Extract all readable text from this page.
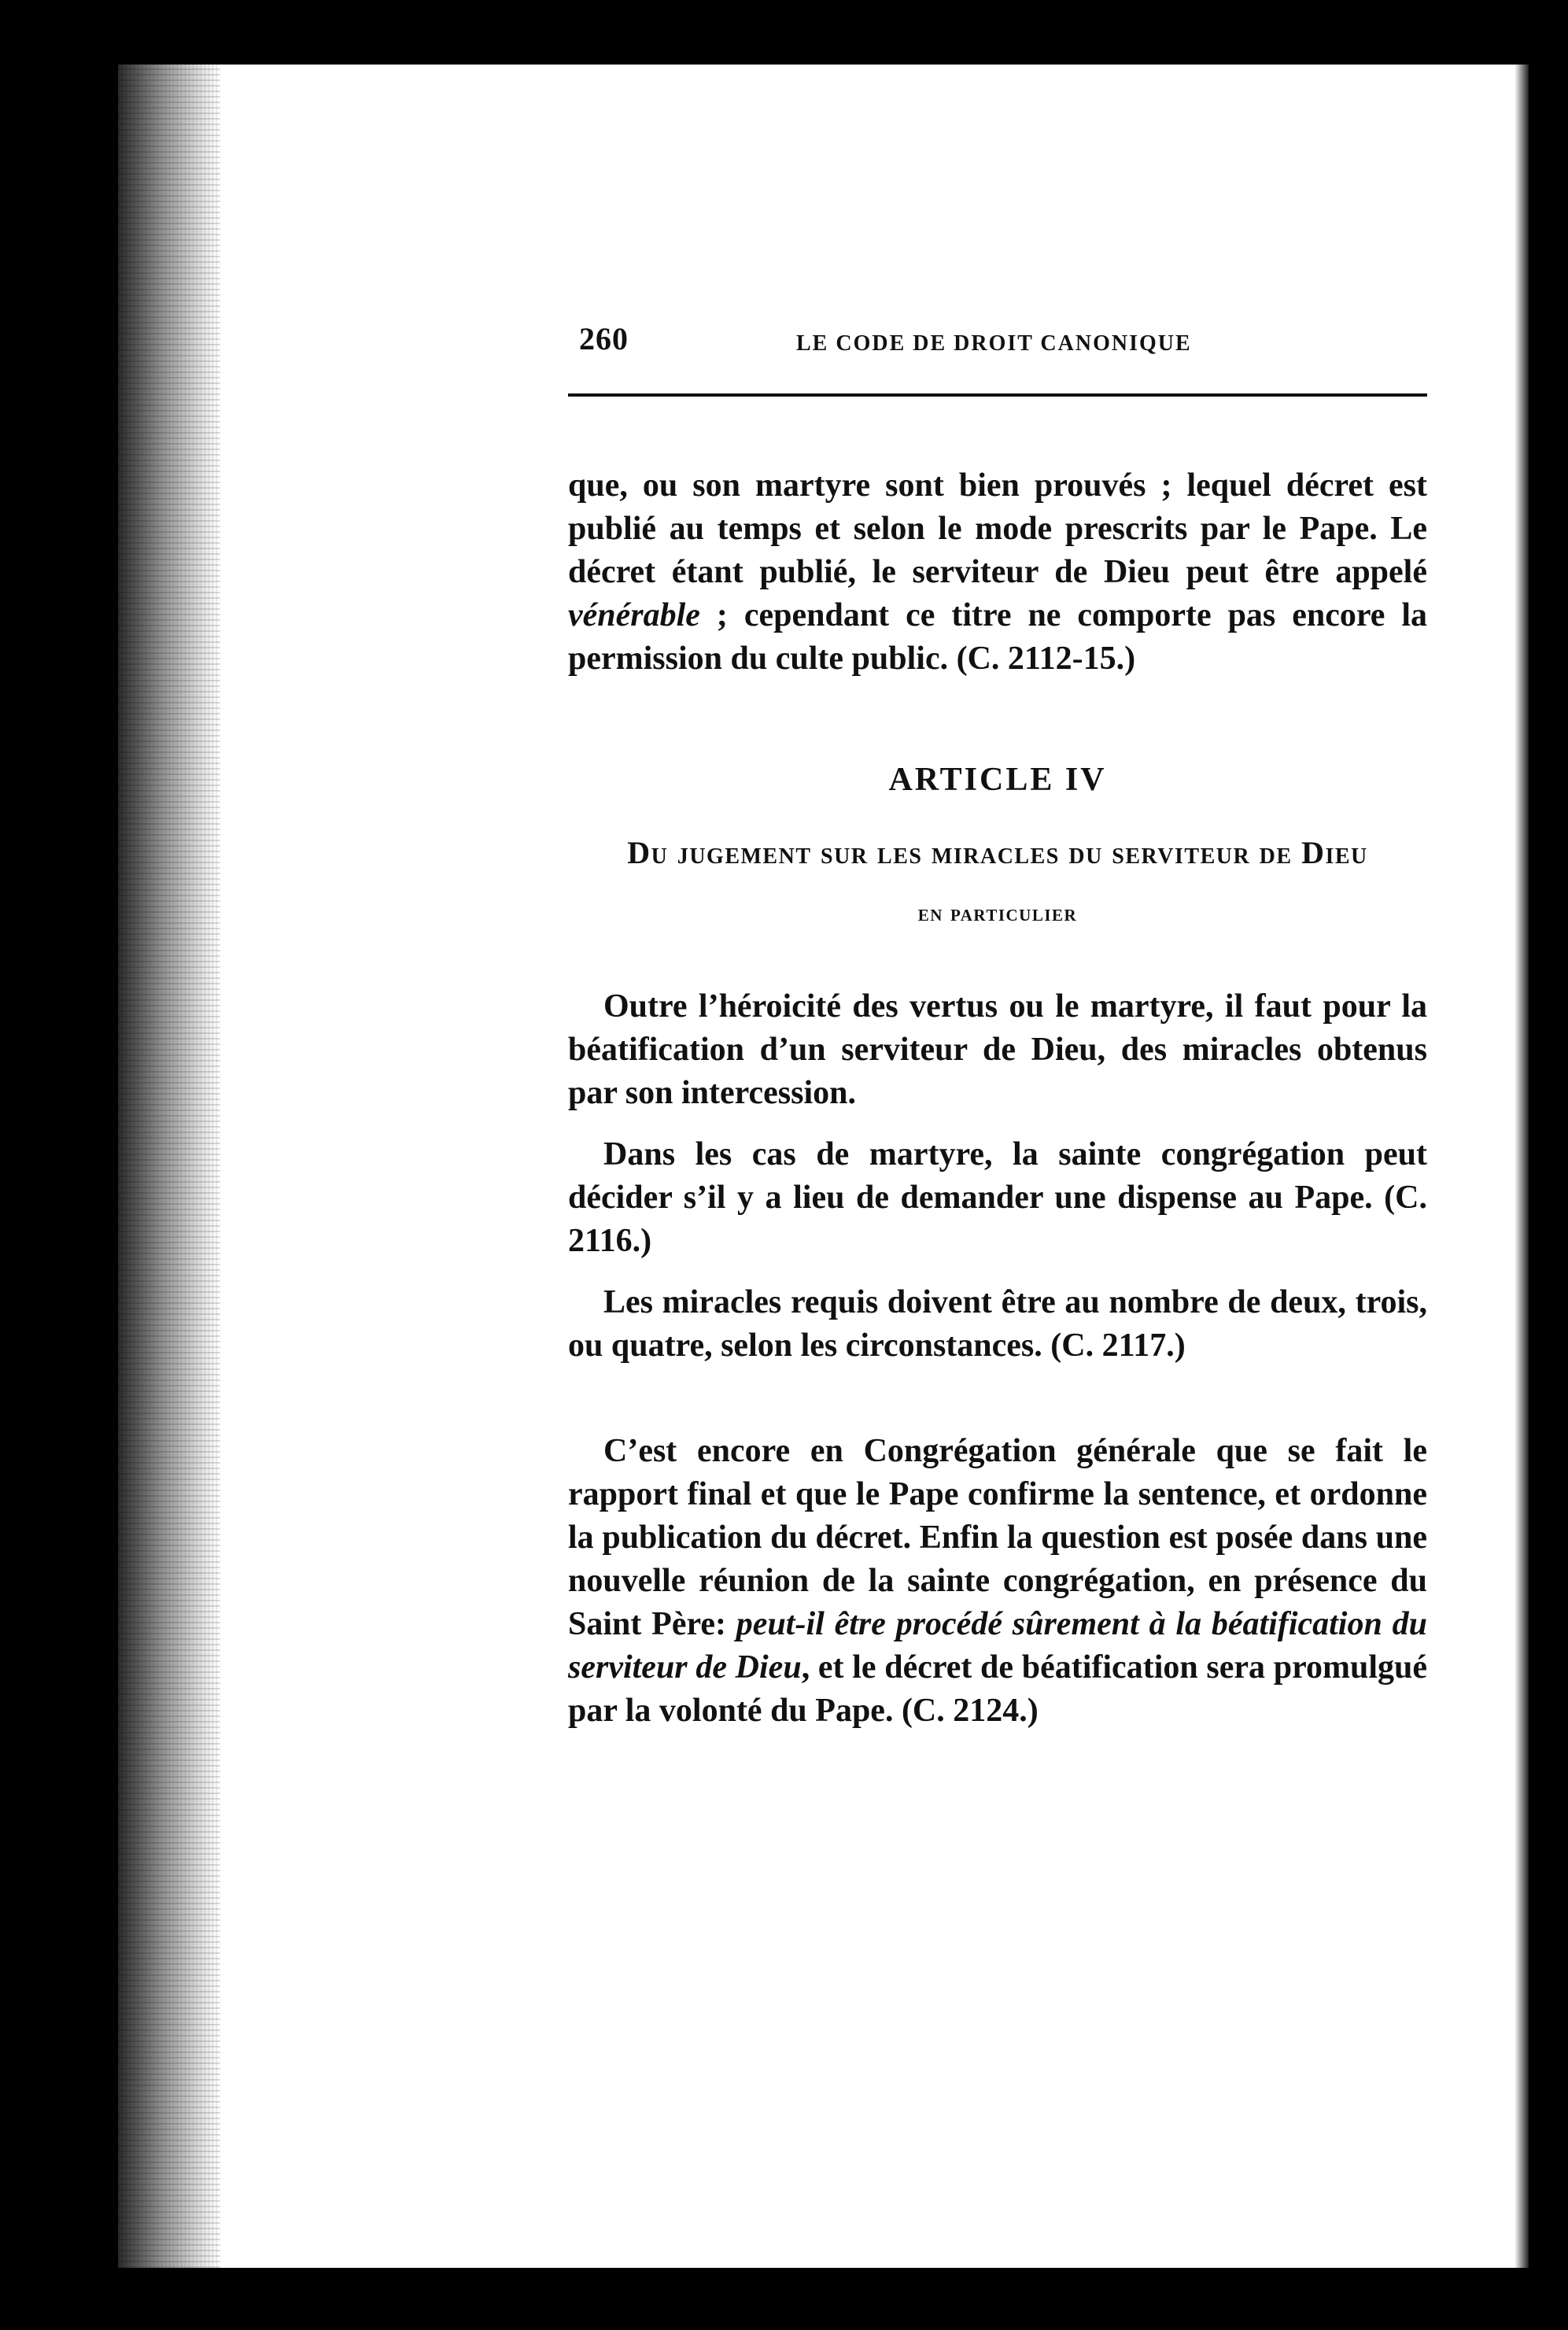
260	LE CODE DE DROIT CANONIQUE

que, ou son martyre sont bien prouvés ; lequel décret est publié au temps et selon le mode prescrits par le Pape. Le décret étant publié, le serviteur de Dieu peut être appelé vénérable ; cependant ce titre ne comporte pas encore la permission du culte public. (C. 2112-15.)

ARTICLE IV
Du jugement sur les miracles du serviteur de Dieu
en particulier

Outre l’héroicité des vertus ou le martyre, il faut pour la béatification d’un serviteur de Dieu, des miracles obtenus par son intercession.

Dans les cas de martyre, la sainte congrégation peut décider s’il y a lieu de demander une dispense au Pape. (C. 2116.)

Les miracles requis doivent être au nombre de deux, trois, ou quatre, selon les circonstances. (C. 2117.)

C’est encore en Congrégation générale que se fait le rapport final et que le Pape confirme la sentence, et ordonne la publication du décret. Enfin la question est posée dans une nouvelle réunion de la sainte congrégation, en présence du Saint Père: peut-il être procédé sûrement à la béatification du serviteur de Dieu, et le décret de béatification sera promulgué par la volonté du Pape. (C. 2124.)
